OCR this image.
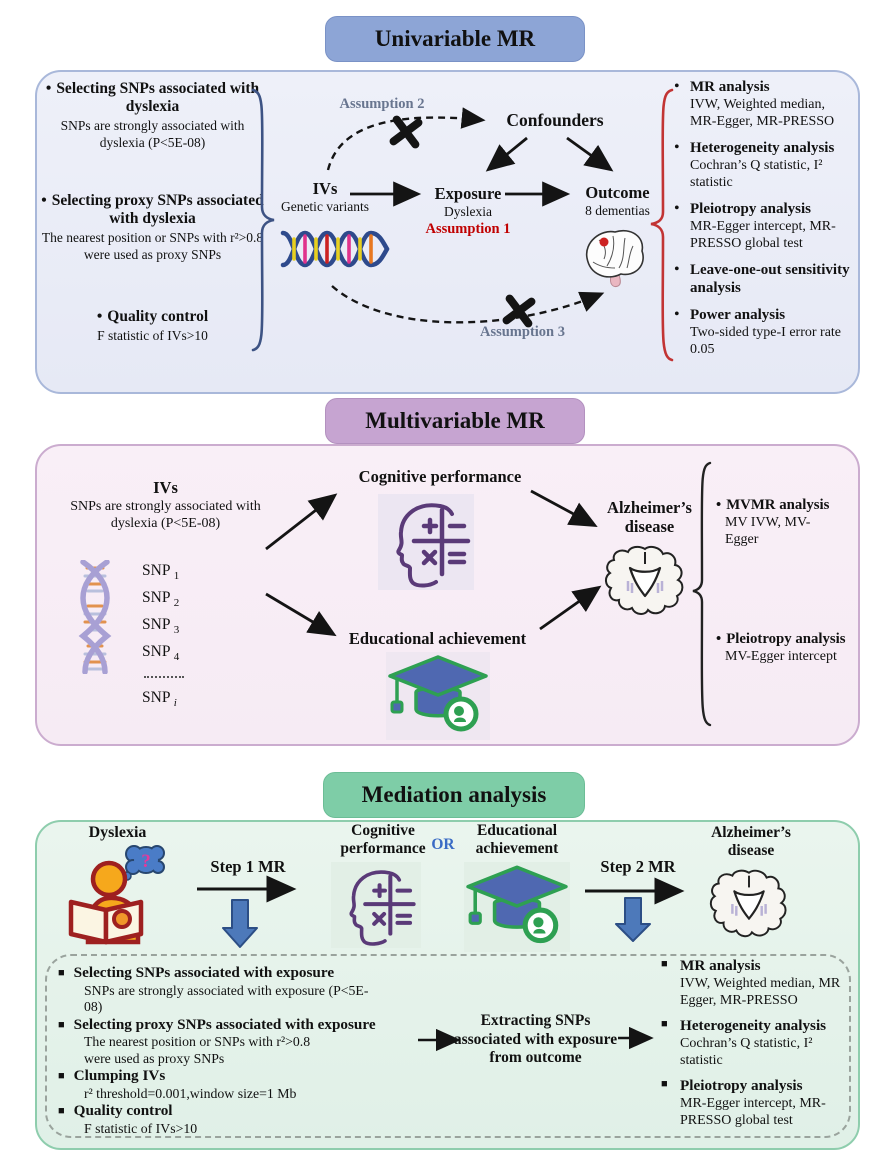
Univariable MR
Multivariable MR
Mediation analysis
• Selecting SNPs associated with dyslexia
SNPs are strongly associated with dyslexia (P<5E-08)
• Selecting proxy SNPs associated with dyslexia
The nearest position or SNPs with r²>0.8 were used as proxy SNPs
• Quality control
F statistic of IVs>10
Assumption 2
Confounders
IVs
Genetic variants
Exposure
Dyslexia
Assumption 1
Outcome
8 dementias
Assumption 3
• MR analysis
IVW, Weighted median, MR-Egger, MR-PRESSO
• Heterogeneity analysis
Cochran’s Q statistic, I² statistic
• Pleiotropy analysis
MR-Egger intercept, MR-PRESSO global test
• Leave-one-out sensitivity analysis
• Power analysis
Two-sided type-I error rate 0.05
IVs
SNPs are strongly associated with dyslexia (P<5E-08)
SNP $_1$
SNP $_2$
SNP $_3$
SNP $_4$
SNP $_i$
Cognitive performance
Educational achievement
Alzheimer’s disease
• MVMR analysis
MV IVW, MV-Egger
• Pleiotropy analysis
MV-Egger intercept
Dyslexia
Step 1 MR
Cognitive performance OR
Educational achievement
Step 2 MR
Alzheimer’s disease
?
■ Selecting SNPs associated with exposure
SNPs are strongly associated with exposure (P<5E-08)
■ Selecting proxy SNPs associated with exposure
The nearest position or SNPs with r²>0.8 were used as proxy SNPs
■ Clumping IVs
r² threshold=0.001,window size=1 Mb
■ Quality control
F statistic of IVs>10
Extracting SNPs associated with exposure from outcome
■ MR analysis
IVW, Weighted median, MR Egger, MR-PRESSO
■ Heterogeneity analysis
Cochran’s Q statistic, I² statistic
■ Pleiotropy analysis
MR-Egger intercept, MR-PRESSO global test
